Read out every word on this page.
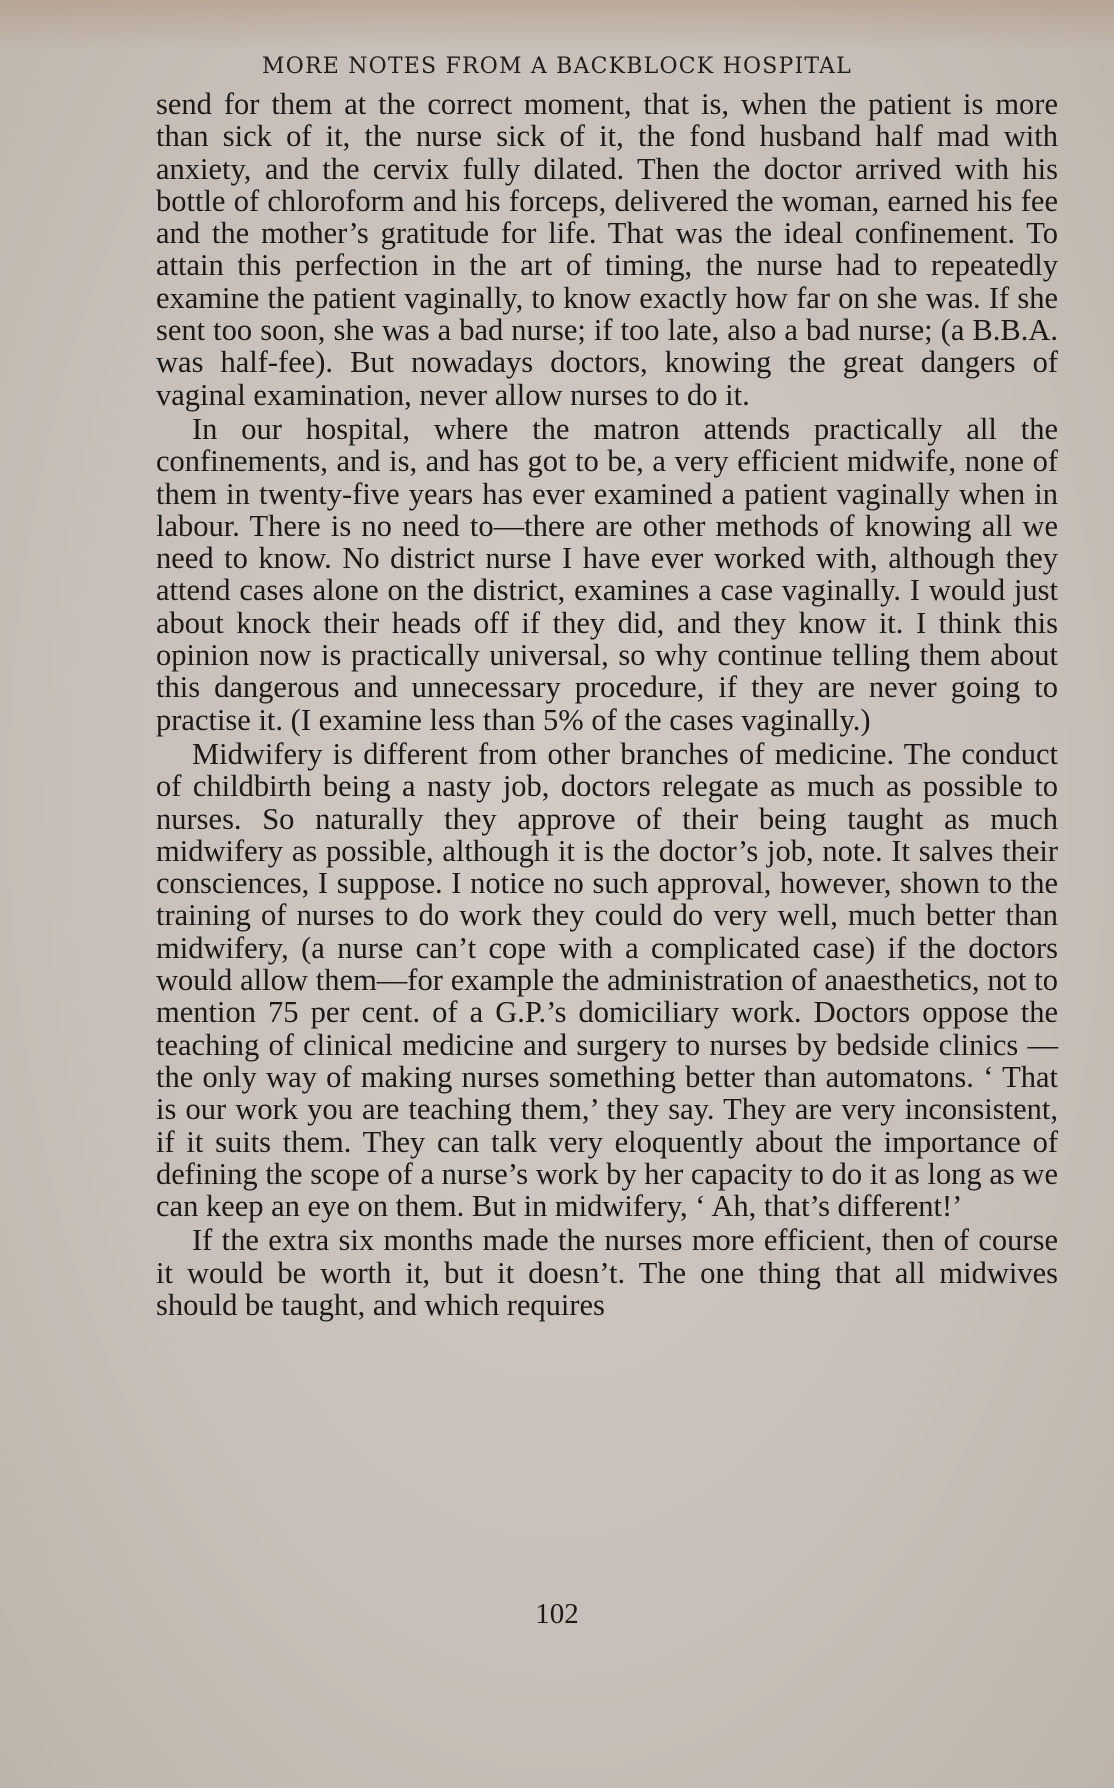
MORE NOTES FROM A BACKBLOCK HOSPITAL

send for them at the correct moment, that is, when the patient is more than sick of it, the nurse sick of it, the fond husband half mad with anxiety, and the cervix fully dilated. Then the doctor arrived with his bottle of chloroform and his forceps, delivered the woman, earned his fee and the mother’s gratitude for life. That was the ideal confinement. To attain this perfection in the art of timing, the nurse had to repeatedly examine the patient vaginally, to know exactly how far on she was. If she sent too soon, she was a bad nurse; if too late, also a bad nurse; (a B.B.A. was half-fee). But nowadays doctors, knowing the great dangers of vaginal examination, never allow nurses to do it.

In our hospital, where the matron attends practically all the confinements, and is, and has got to be, a very efficient midwife, none of them in twenty-five years has ever examined a patient vaginally when in labour. There is no need to—there are other methods of knowing all we need to know. No district nurse I have ever worked with, although they attend cases alone on the district, examines a case vaginally. I would just about knock their heads off if they did, and they know it. I think this opinion now is practically universal, so why continue telling them about this dangerous and unnecessary procedure, if they are never going to practise it. (I examine less than 5% of the cases vaginally.)

Midwifery is different from other branches of medicine. The conduct of childbirth being a nasty job, doctors relegate as much as possible to nurses. So naturally they approve of their being taught as much midwifery as possible, although it is the doctor’s job, note. It salves their consciences, I suppose. I notice no such approval, however, shown to the training of nurses to do work they could do very well, much better than midwifery, (a nurse can’t cope with a complicated case) if the doctors would allow them—for example the administration of anaesthetics, not to mention 75 per cent. of a G.P.’s domiciliary work. Doctors oppose the teaching of clinical medicine and surgery to nurses by bedside clinics —the only way of making nurses something better than automatons. ‘ That is our work you are teaching them,’ they say. They are very inconsistent, if it suits them. They can talk very eloquently about the importance of defining the scope of a nurse’s work by her capacity to do it as long as we can keep an eye on them. But in midwifery, ‘ Ah, that’s different!’

If the extra six months made the nurses more efficient, then of course it would be worth it, but it doesn’t. The one thing that all midwives should be taught, and which requires

102
